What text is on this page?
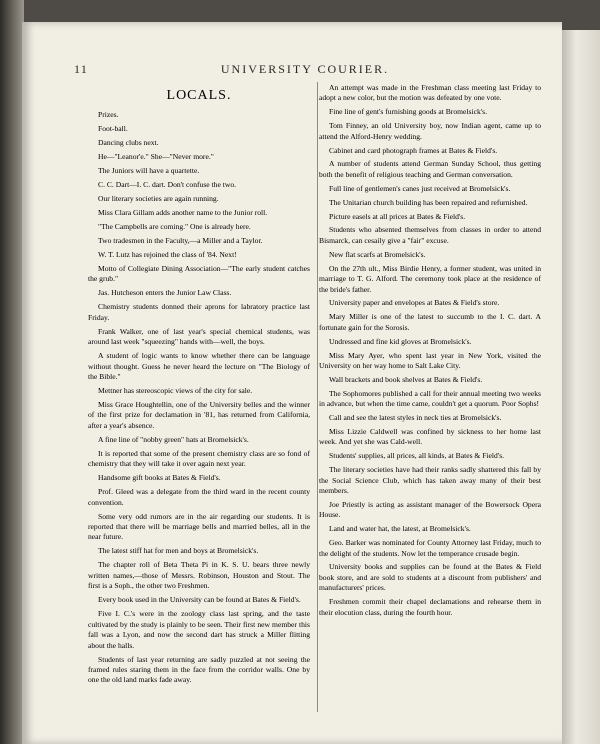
11	UNIVERSITY COURIER.
LOCALS.

Prizes.

Foot-ball.

Dancing clubs next.

He—"Leanor'e." She—"Never more."

The Juniors will have a quartette.

C. C. Dart—I. C. dart. Don't confuse the two.

Our literary societies are again running.

Miss Clara Gillam adds another name to the Junior roll.

"The Campbells are coming." One is already here.

Two tradesmen in the Faculty,—a Miller and a Taylor.

W. T. Lutz has rejoined the class of '84. Next!

Motto of Collegiate Dining Association—"The early student catches the grub."

Jas. Hutcheson enters the Junior Law Class.

Chemistry students donned their aprons for labratory practice last Friday.

Frank Walker, one of last year's special chemical students, was around last week "squeezing" hands with—well, the boys.

A student of logic wants to know whether there can be language without thought. Guess he never heard the lecture on "The Biology of the Bible."

Mettner has stereoscopic views of the city for sale.

Miss Grace Houghtellin, one of the University belles and the winner of the first prize for declamation in '81, has returned from California, after a year's absence.

A fine line of "nobby green" hats at Bromelsick's.

It is reported that some of the present chemistry class are so fond of chemistry that they will take it over again next year.

Handsome gift books at Bates & Field's.

Prof. Gleed was a delegate from the third ward in the recent county convention.

Some very odd rumors are in the air regarding our students. It is reported that there will be marriage bells and married belles, all in the near future.

The latest stiff hat for men and boys at Bromelsick's.

The chapter roll of Beta Theta Pi in K. S. U. bears three newly written names,—those of Messrs. Robinson, Houston and Stout. The first is a Soph., the other two Freshmen.

Every book used in the University can be found at Bates & Field's.

Five I. C.'s were in the zoology class last spring, and the taste cultivated by the study is plainly to be seen. Their first new member this fall was a Lyon, and now the second dart has struck a Miller flitting about the halls.

Students of last year returning are sadly puzzled at not seeing the framed rules staring them in the face from the corridor walls. One by one the old land marks fade away.

An attempt was made in the Freshman class meeting last Friday to adopt a new color, but the motion was defeated by one vote.

Fine line of gent's furnishing goods at Bromelsick's.

Tom Finney, an old University boy, now Indian agent, came up to attend the Alford-Henry wedding.

Cabinet and card photograph frames at Bates & Field's.

A number of students attend German Sunday School, thus getting both the benefit of religious teaching and German conversation.

Full line of gentlemen's canes just received at Bromelsick's.

The Unitarian church building has been repaired and refurnished.

Picture easels at all prices at Bates & Field's.

Students who absented themselves from classes in order to attend Bismarck, can cesaily give a "fair" excuse.

New flat scarfs at Bromelsick's.

On the 27th ult., Miss Birdie Henry, a former student, was united in marriage to T. G. Alford. The ceremony took place at the residence of the bride's father.

University paper and envelopes at Bates & Field's store.

Mary Miller is one of the latest to succumb to the I. C. dart. A fortunate gain for the Sorosis.

Undressed and fine kid gloves at Bromelsick's.

Miss Mary Ayer, who spent last year in New York, visited the University on her way home to Salt Lake City.

Wall brackets and book shelves at Bates & Field's.

The Sophomores published a call for their annual meeting two weeks in advance, but when the time came, couldn't get a quorum. Poor Sophs!

Call and see the latest styles in neck ties at Bromelsick's.

Miss Lizzie Caldwell was confined by sickness to her home last week. And yet she was Cald-well.

Students' supplies, all prices, all kinds, at Bates & Field's.

The literary societies have had their ranks sadly shattered this fall by the Social Science Club, which has taken away many of their best members.

Joe Priestly is acting as assistant manager of the Bowersock Opera House.

Land and water hat, the latest, at Bromelsick's.

Geo. Barker was nominated for County Attorney last Friday, much to the delight of the students. Now let the temperance crusade begin.

University books and supplies can be found at the Bates & Field book store, and are sold to students at a discount from publishers' and manufacturers' prices.

Freshmen commit their chapel declamations and rehearse them in their elocution class, during the fourth hour.
